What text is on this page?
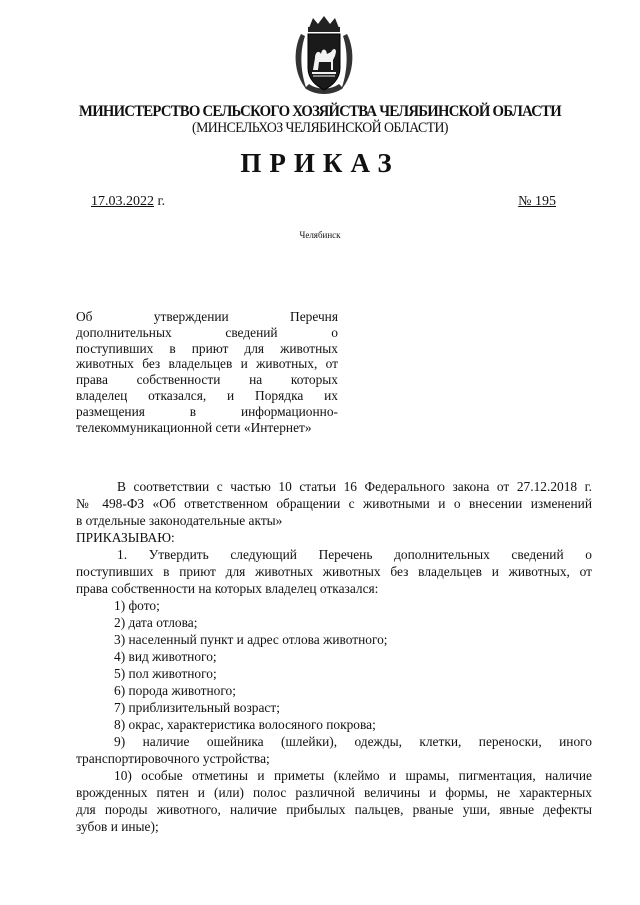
МИНИСТЕРСТВО СЕЛЬСКОГО ХОЗЯЙСТВА ЧЕЛЯБИНСКОЙ ОБЛАСТИ
(МИНСЕЛЬХОЗ ЧЕЛЯБИНСКОЙ ОБЛАСТИ)
ПРИКАЗ
17.03.2022 г.	№ 195
Челябинск
Об утверждении Перечня
дополнительных сведений о
поступивших в приют для животных
животных без владельцев и животных, от
права собственности на которых
владелец отказался, и Порядка их
размещения в информационно-
телекоммуникационной сети «Интернет»

В соответствии с частью 10 статьи 16 Федерального закона от 27.12.2018 г.

№ 498-ФЗ «Об ответственном обращении с животными и о внесении изменений

в отдельные законодательные акты»

ПРИКАЗЫВАЮ:

1. Утвердить следующий Перечень дополнительных сведений о

поступивших в приют для животных животных без владельцев и животных, от

права собственности на которых владелец отказался:

1) фото;

2) дата отлова;

3) населенный пункт и адрес отлова животного;

4) вид животного;

5) пол животного;

6) порода животного;

7) приблизительный возраст;

8) окрас, характеристика волосяного покрова;

9) наличие ошейника (шлейки), одежды, клетки, переноски, иного

транспортировочного устройства;

10) особые отметины и приметы (клеймо и шрамы, пигментация, наличие

врожденных пятен и (или) полос различной величины и формы, не характерных

для породы животного, наличие прибылых пальцев, рваные уши, явные дефекты

зубов и иные);
